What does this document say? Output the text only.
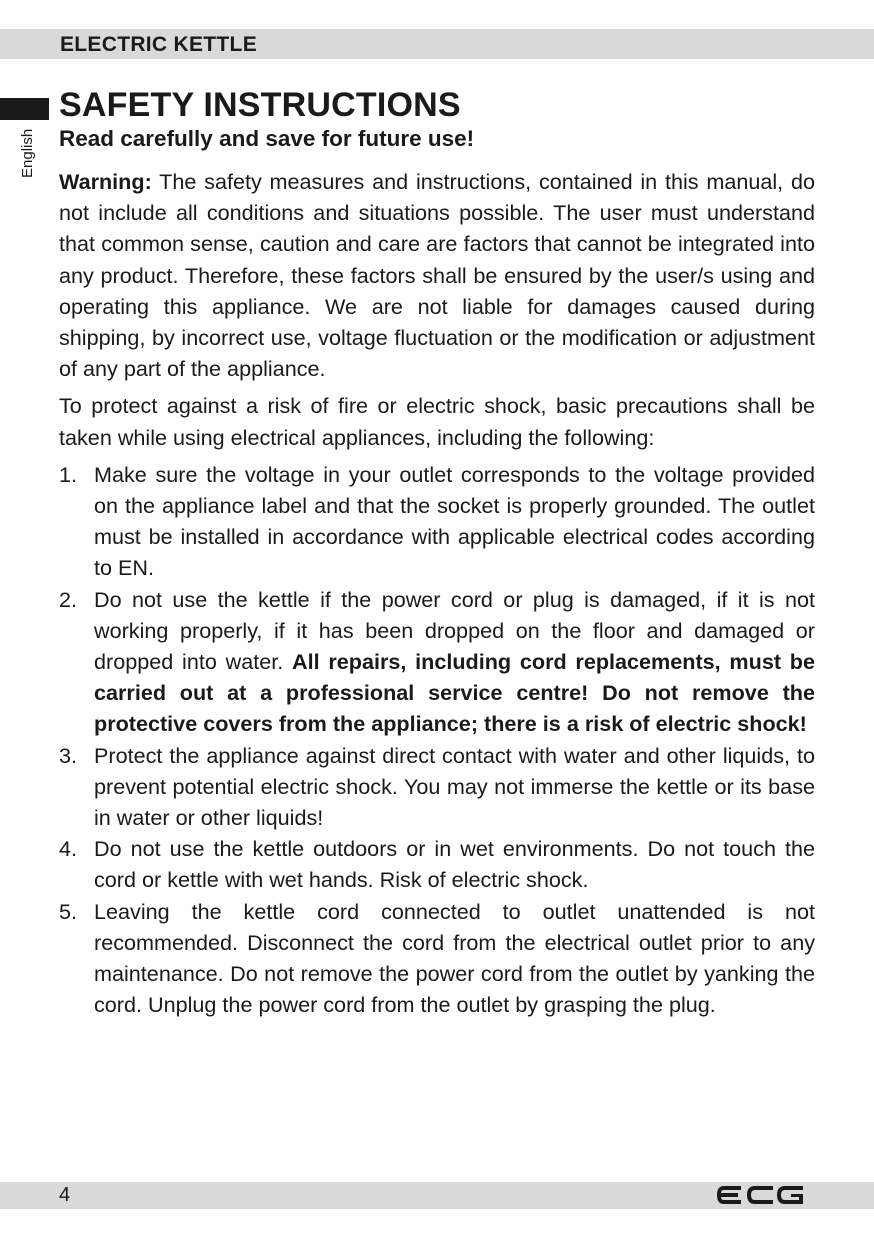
ELECTRIC KETTLE
English
SAFETY INSTRUCTIONS
Read carefully and save for future use!

Warning: The safety measures and instructions, contained in this manual, do not include all conditions and situations possible. The user must understand that common sense, caution and care are factors that cannot be integrated into any product. Therefore, these factors shall be ensured by the user/s using and operating this appliance. We are not liable for damages caused during shipping, by incorrect use, voltage fluctuation or the modification or adjustment of any part of the appliance.

To protect against a risk of fire or electric shock, basic precautions shall be taken while using electrical appliances, including the following:

1. Make sure the voltage in your outlet corresponds to the voltage provided on the appliance label and that the socket is properly grounded. The outlet must be installed in accordance with applicable electrical codes according to EN.
2. Do not use the kettle if the power cord or plug is damaged, if it is not working properly, if it has been dropped on the floor and damaged or dropped into water. All repairs, including cord replacements, must be carried out at a professional service centre! Do not remove the protective covers from the appliance; there is a risk of electric shock!
3. Protect the appliance against direct contact with water and other liquids, to prevent potential electric shock. You may not immerse the kettle or its base in water or other liquids!
4. Do not use the kettle outdoors or in wet environments. Do not touch the cord or kettle with wet hands. Risk of electric shock.
5. Leaving the kettle cord connected to outlet unattended is not recommended. Disconnect the cord from the electrical outlet prior to any maintenance. Do not remove the power cord from the outlet by yanking the cord. Unplug the power cord from the outlet by grasping the plug.
4
